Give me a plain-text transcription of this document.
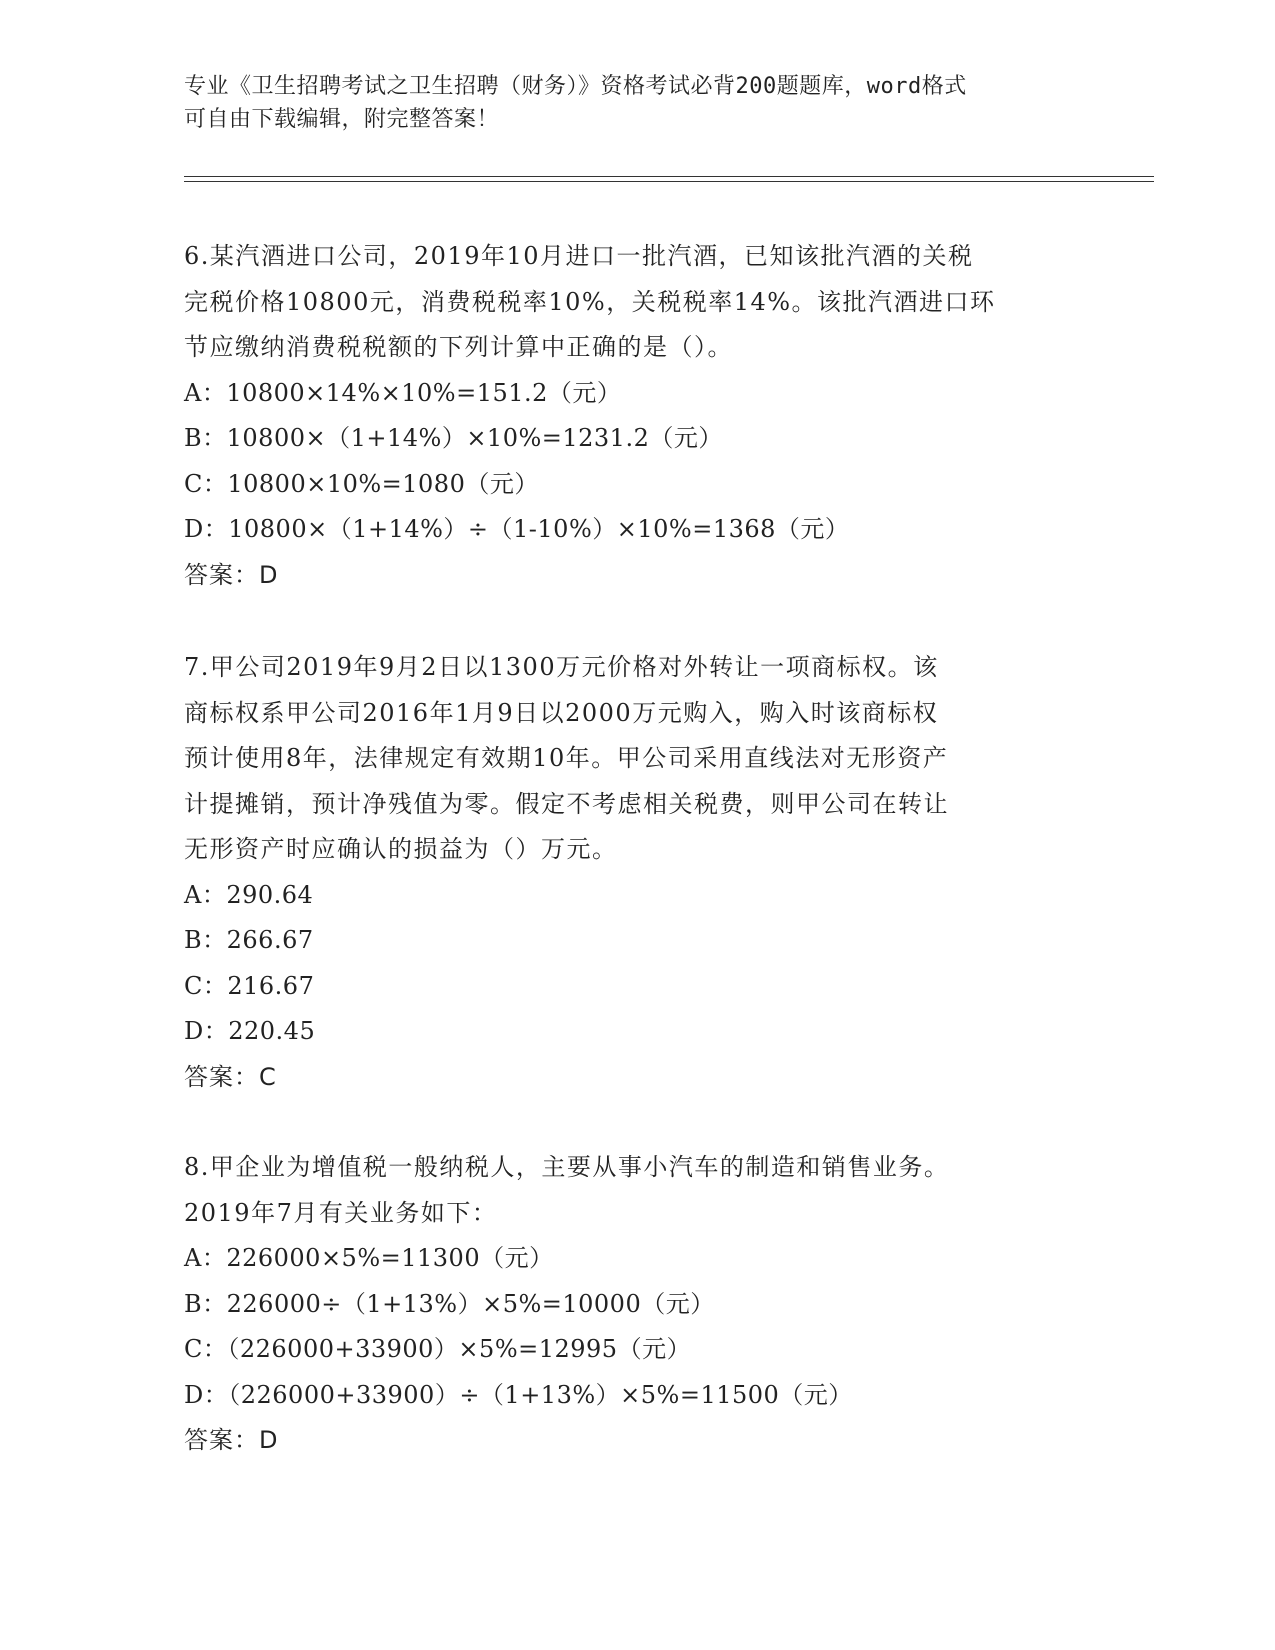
专业《卫生招聘考试之卫生招聘（财务）》资格考试必背200题题库，word格式
可自由下载编辑，附完整答案！
6.某汽酒进口公司，2019年10月进口一批汽酒，已知该批汽酒的关税
完税价格10800元，消费税税率10%，关税税率14%。该批汽酒进口环
节应缴纳消费税税额的下列计算中正确的是（）。
A：10800×14%×10%=151.2（元）
B：10800×（1+14%）×10%=1231.2（元）
C：10800×10%=1080（元）
D：10800×（1+14%）÷（1-10%）×10%=1368（元）
答案：D
7.甲公司2019年9月2日以1300万元价格对外转让一项商标权。该
商标权系甲公司2016年1月9日以2000万元购入，购入时该商标权
预计使用8年，法律规定有效期10年。甲公司采用直线法对无形资产
计提摊销，预计净残值为零。假定不考虑相关税费，则甲公司在转让
无形资产时应确认的损益为（）万元。
A：290.64
B：266.67
C：216.67
D：220.45
答案：C
8.甲企业为增值税一般纳税人，主要从事小汽车的制造和销售业务。
2019年7月有关业务如下：
A：226000×5%=11300（元）
B：226000÷（1+13%）×5%=10000（元）
C：（226000+33900）×5%=12995（元）
D：（226000+33900）÷（1+13%）×5%=11500（元）
答案：D
